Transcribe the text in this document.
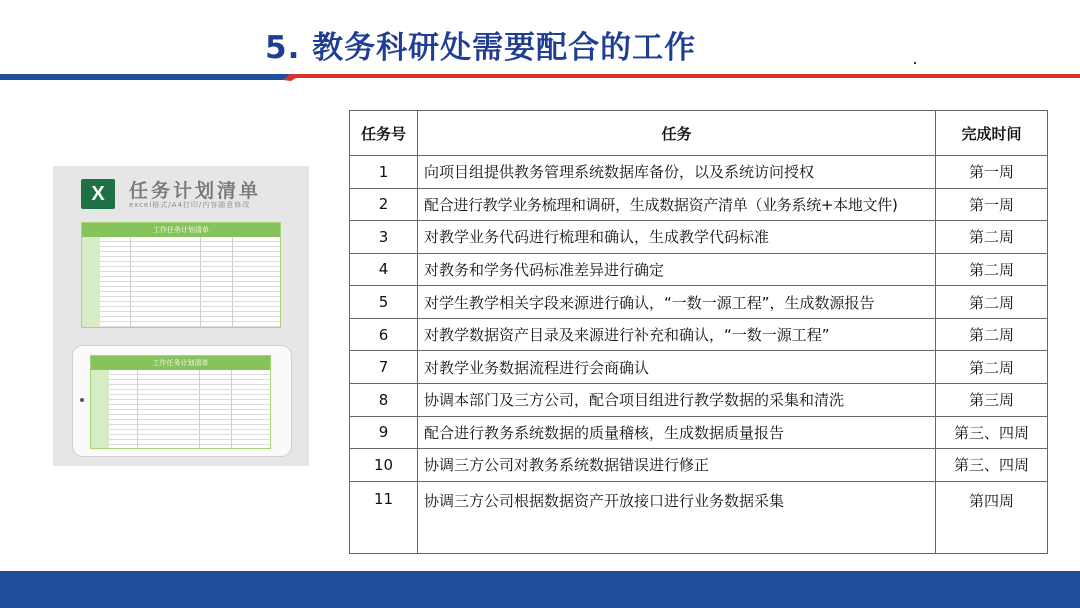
5. 教务科研处需要配合的工作
X	任务计划清单
excel格式/A4打印/内容随意修改
工作任务计划清单
工作任务计划清单
任务号	任务	完成时间
1	向项目组提供教务管理系统数据库备份，以及系统访问授权	第一周
2	配合进行教学业务梳理和调研，生成数据资产清单（业务系统+本地文件)	第一周
3	对教学业务代码进行梳理和确认，生成教学代码标准	第二周
4	对教务和学务代码标准差异进行确定	第二周
5	对学生教学相关字段来源进行确认，“一数一源工程”，生成数源报告	第二周
6	对教学数据资产目录及来源进行补充和确认，“一数一源工程”	第二周
7	对教学业务数据流程进行会商确认	第二周
8	协调本部门及三方公司，配合项目组进行教学数据的采集和清洗	第三周
9	配合进行教务系统数据的质量稽核，生成数据质量报告	第三、四周
10	协调三方公司对教务系统数据错误进行修正	第三、四周
11	协调三方公司根据数据资产开放接口进行业务数据采集	第四周
